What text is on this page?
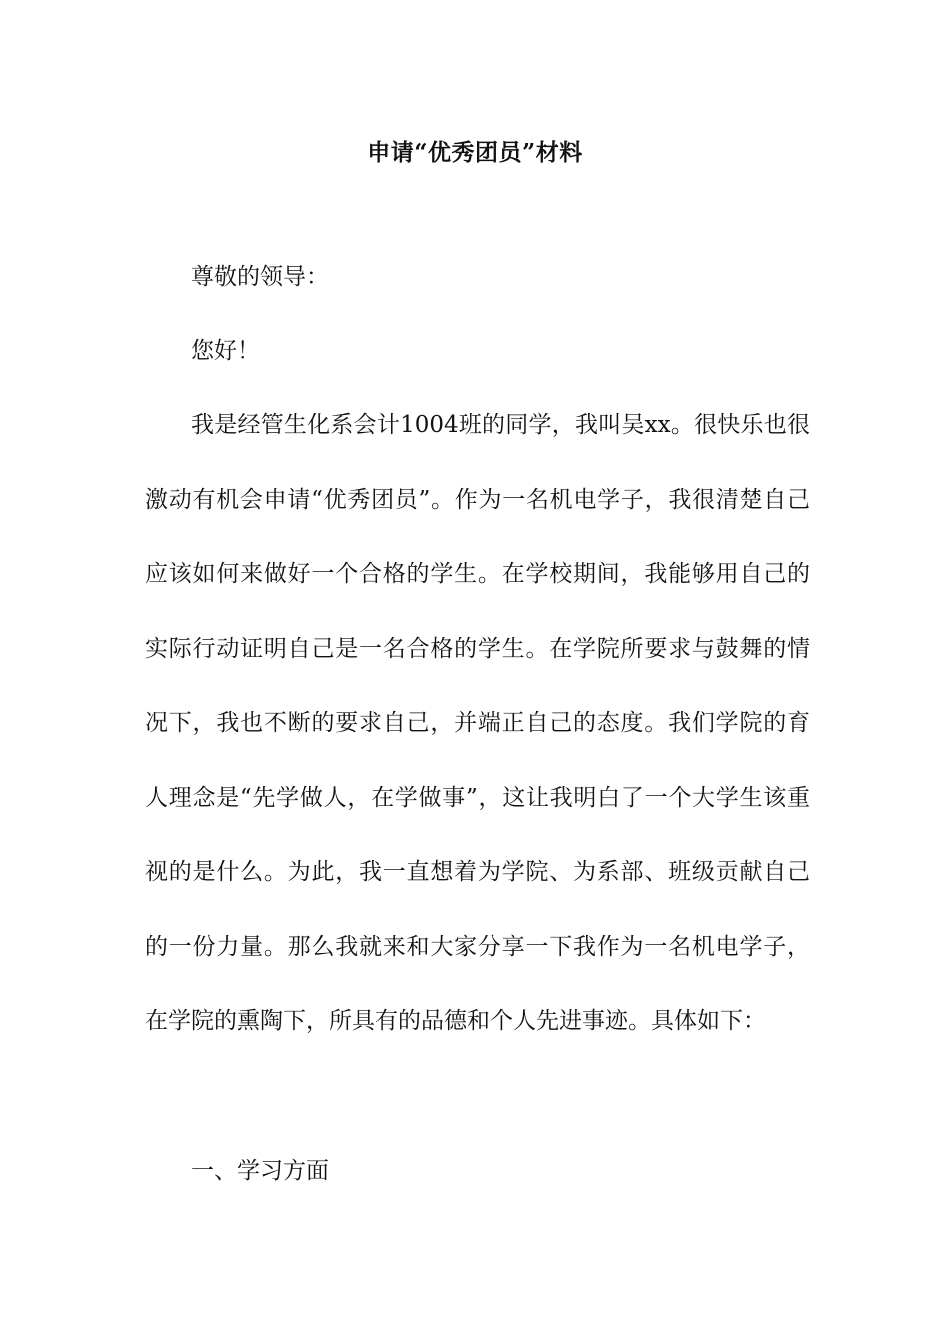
申请“优秀团员”材料

尊敬的领导：

您好！

我是经管生化系会计1004班的同学，我叫吴xx。很快乐也很激动有机会申请“优秀团员”。作为一名机电学子，我很清楚自己应该如何来做好一个合格的学生。在学校期间，我能够用自己的实际行动证明自己是一名合格的学生。在学院所要求与鼓舞的情况下，我也不断的要求自己，并端正自己的态度。我们学院的育人理念是“先学做人，在学做事”，这让我明白了一个大学生该重视的是什么。为此，我一直想着为学院、为系部、班级贡献自己的一份力量。那么我就来和大家分享一下我作为一名机电学子，在学院的熏陶下，所具有的品德和个人先进事迹。具体如下：

一、学习方面
